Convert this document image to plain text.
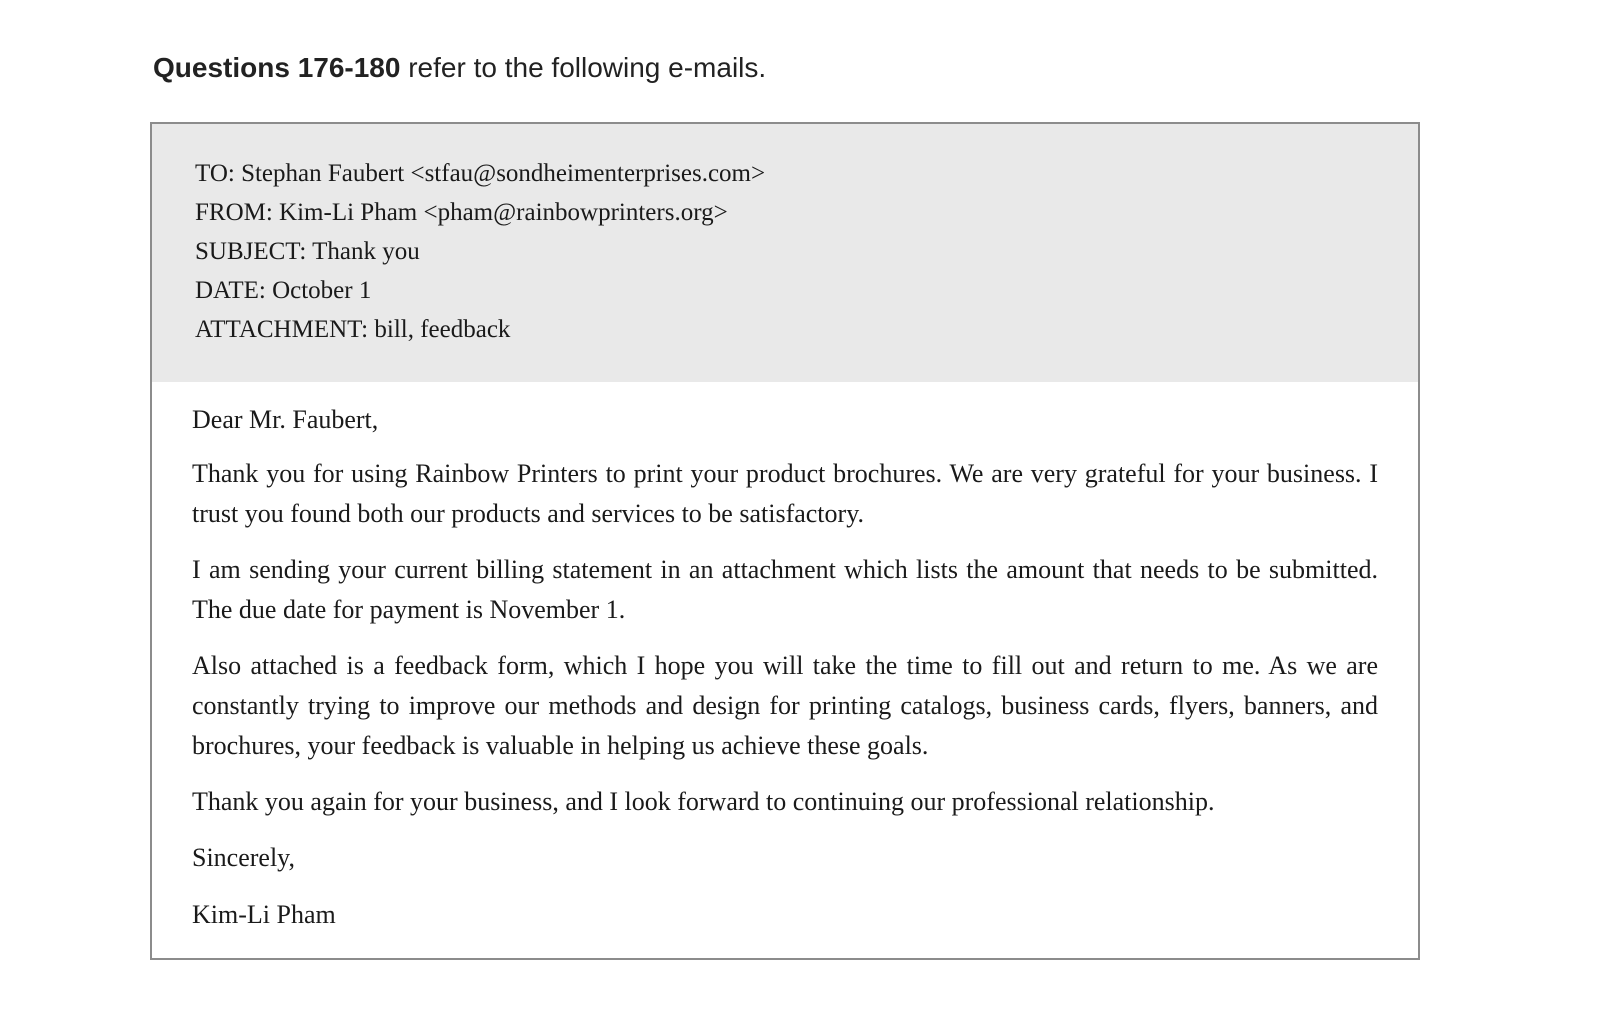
Questions 176-180 refer to the following e-mails.
TO: Stephan Faubert <stfau@sondheimenterprises.com>
FROM: Kim-Li Pham <pham@rainbowprinters.org>
SUBJECT: Thank you
DATE: October 1
ATTACHMENT: bill, feedback

Dear Mr. Faubert,

Thank you for using Rainbow Printers to print your product brochures. We are very grateful for your business. I trust you found both our products and services to be satisfactory.

I am sending your current billing statement in an attachment which lists the amount that needs to be submitted. The due date for payment is November 1.

Also attached is a feedback form, which I hope you will take the time to fill out and return to me. As we are constantly trying to improve our methods and design for printing catalogs, business cards, flyers, banners, and brochures, your feedback is valuable in helping us achieve these goals.

Thank you again for your business, and I look forward to continuing our professional relationship.

Sincerely,

Kim-Li Pham
